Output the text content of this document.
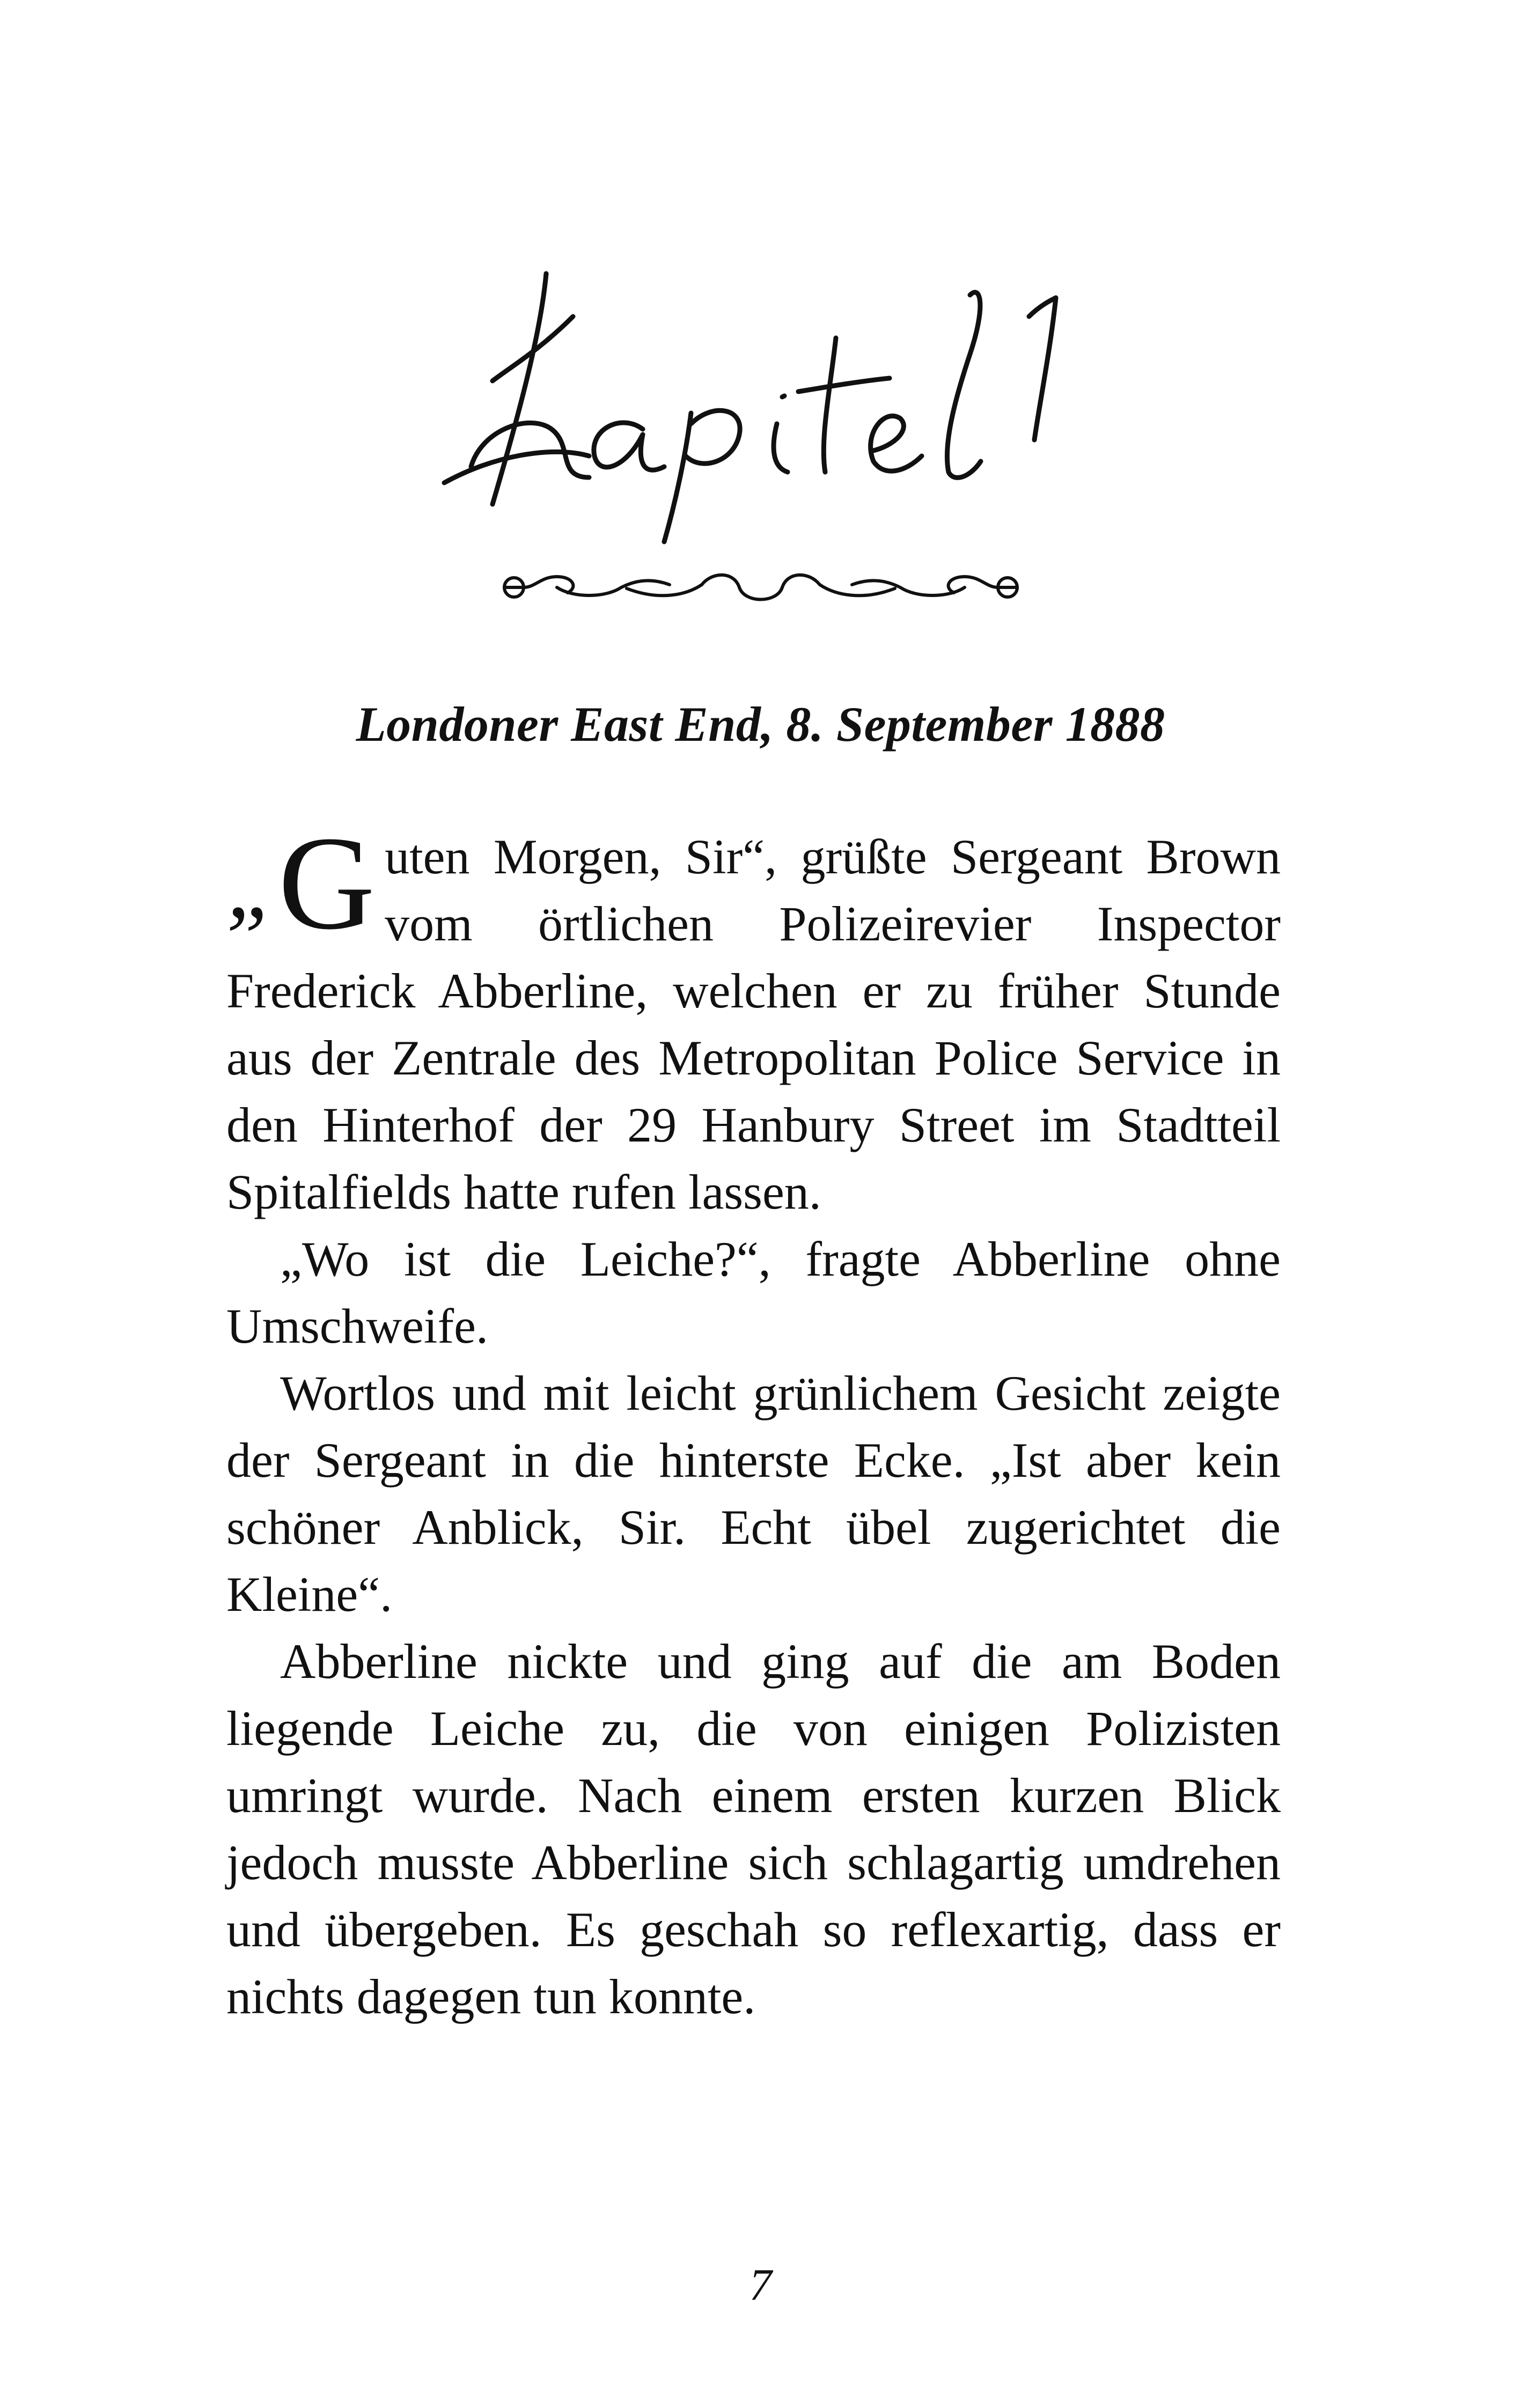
Londoner East End, 8. September 1888

„ G uten Morgen, Sir“, grüßte Sergeant Brown vom örtlichen Polizeirevier Inspector Frederick Abberline, welchen er zu früher Stunde aus der Zentrale des Metropolitan Police Service in den Hinterhof der 29 Hanbury Street im Stadtteil Spitalfields hatte rufen lassen.

„Wo ist die Leiche?“, fragte Abberline ohne Umschweife.

Wortlos und mit leicht grünlichem Gesicht zeigte der Sergeant in die hinterste Ecke. „Ist aber kein schöner Anblick, Sir. Echt übel zugerichtet die Kleine“.

Abberline nickte und ging auf die am Boden liegende Leiche zu, die von einigen Polizisten umringt wurde. Nach einem ersten kurzen Blick jedoch musste Abberline sich schlagartig umdrehen und übergeben. Es geschah so reflexartig, dass er nichts dagegen tun konnte.

7
